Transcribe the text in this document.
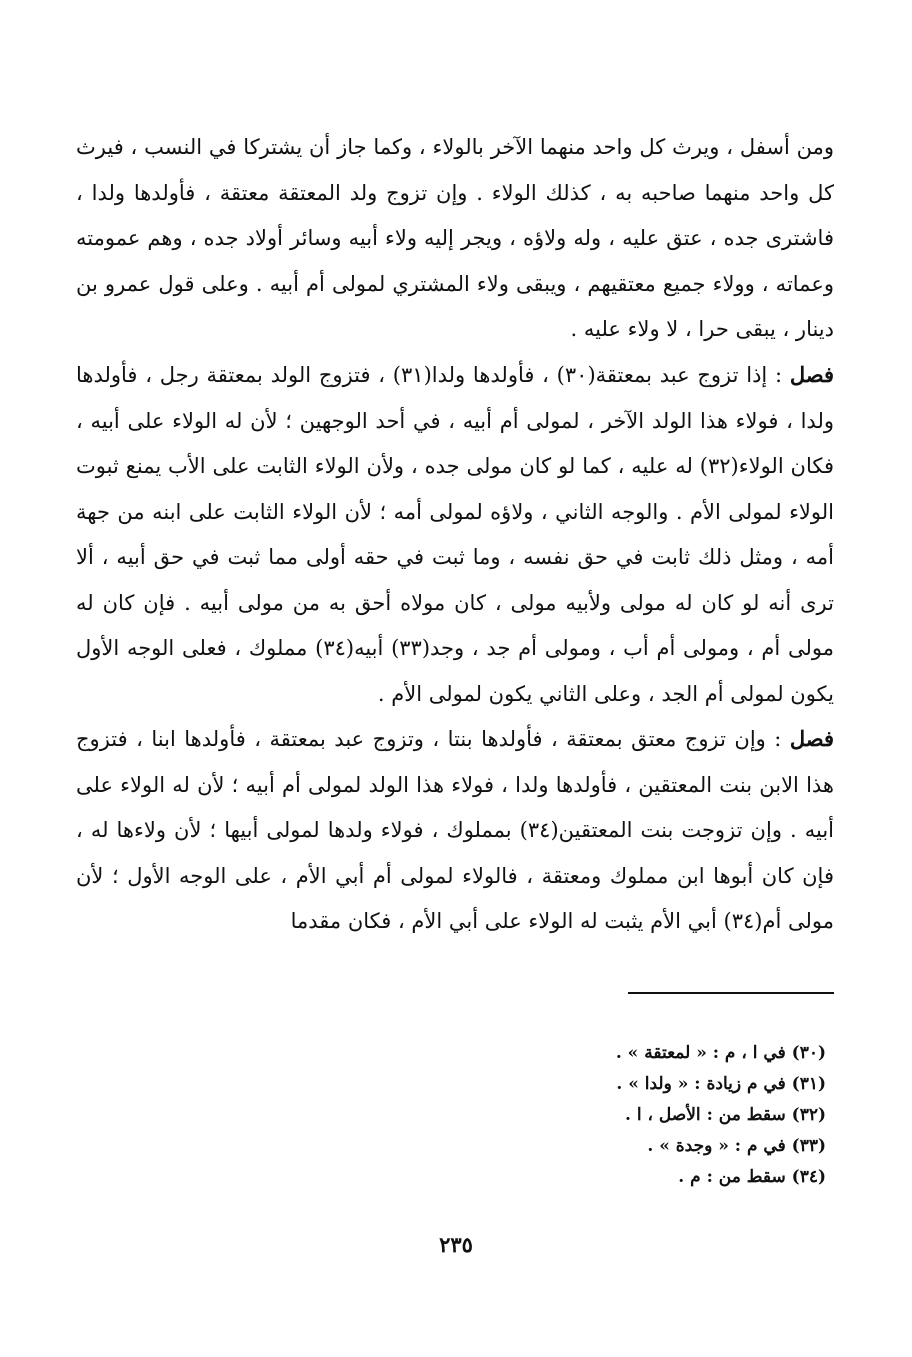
ومن أسفل ، ويرث كل واحد منهما الآخر بالولاء ، وكما جاز أن يشتركا في النسب ، فيرث كل واحد منهما صاحبه به ، كذلك الولاء . وإن تزوج ولد المعتقة معتقة ، فأولدها ولدا ، فاشترى جده ، عتق عليه ، وله ولاؤه ، ويجر إليه ولاء أبيه وسائر أولاد جده ، وهم عمومته وعماته ، وولاء جميع معتقيهم ، ويبقى ولاء المشتري لمولى أم أبيه . وعلى قول عمرو بن دينار ، يبقى حرا ، لا ولاء عليه .

فصل : إذا تزوج عبد بمعتقة(٣٠) ، فأولدها ولدا(٣١) ، فتزوج الولد بمعتقة رجل ، فأولدها ولدا ، فولاء هذا الولد الآخر ، لمولى أم أبيه ، في أحد الوجهين ؛ لأن له الولاء على أبيه ، فكان الولاء(٣٢) له عليه ، كما لو كان مولى جده ، ولأن الولاء الثابت على الأب يمنع ثبوت الولاء لمولى الأم . والوجه الثاني ، ولاؤه لمولى أمه ؛ لأن الولاء الثابت على ابنه من جهة أمه ، ومثل ذلك ثابت في حق نفسه ، وما ثبت في حقه أولى مما ثبت في حق أبيه ، ألا ترى أنه لو كان له مولى ولأبيه مولى ، كان مولاه أحق به من مولى أبيه . فإن كان له مولى أم ، ومولى أم أب ، ومولى أم جد ، وجد(٣٣) أبيه(٣٤) مملوك ، فعلى الوجه الأول يكون لمولى أم الجد ، وعلى الثاني يكون لمولى الأم .

فصل : وإن تزوج معتق بمعتقة ، فأولدها بنتا ، وتزوج عبد بمعتقة ، فأولدها ابنا ، فتزوج هذا الابن بنت المعتقين ، فأولدها ولدا ، فولاء هذا الولد لمولى أم أبيه ؛ لأن له الولاء على أبيه . وإن تزوجت بنت المعتقين(٣٤) بمملوك ، فولاء ولدها لمولى أبيها ؛ لأن ولاءها له ، فإن كان أبوها ابن مملوك ومعتقة ، فالولاء لمولى أم أبي الأم ، على الوجه الأول ؛ لأن مولى أم(٣٤) أبي الأم يثبت له الولاء على أبي الأم ، فكان مقدما

(٣٠) في ا ، م : « لمعتقة » .
(٣١) في م زيادة : « ولدا » .
(٣٢) سقط من : الأصل ، ا .
(٣٣) في م : « وجدة » .
(٣٤) سقط من : م .
٢٣٥
